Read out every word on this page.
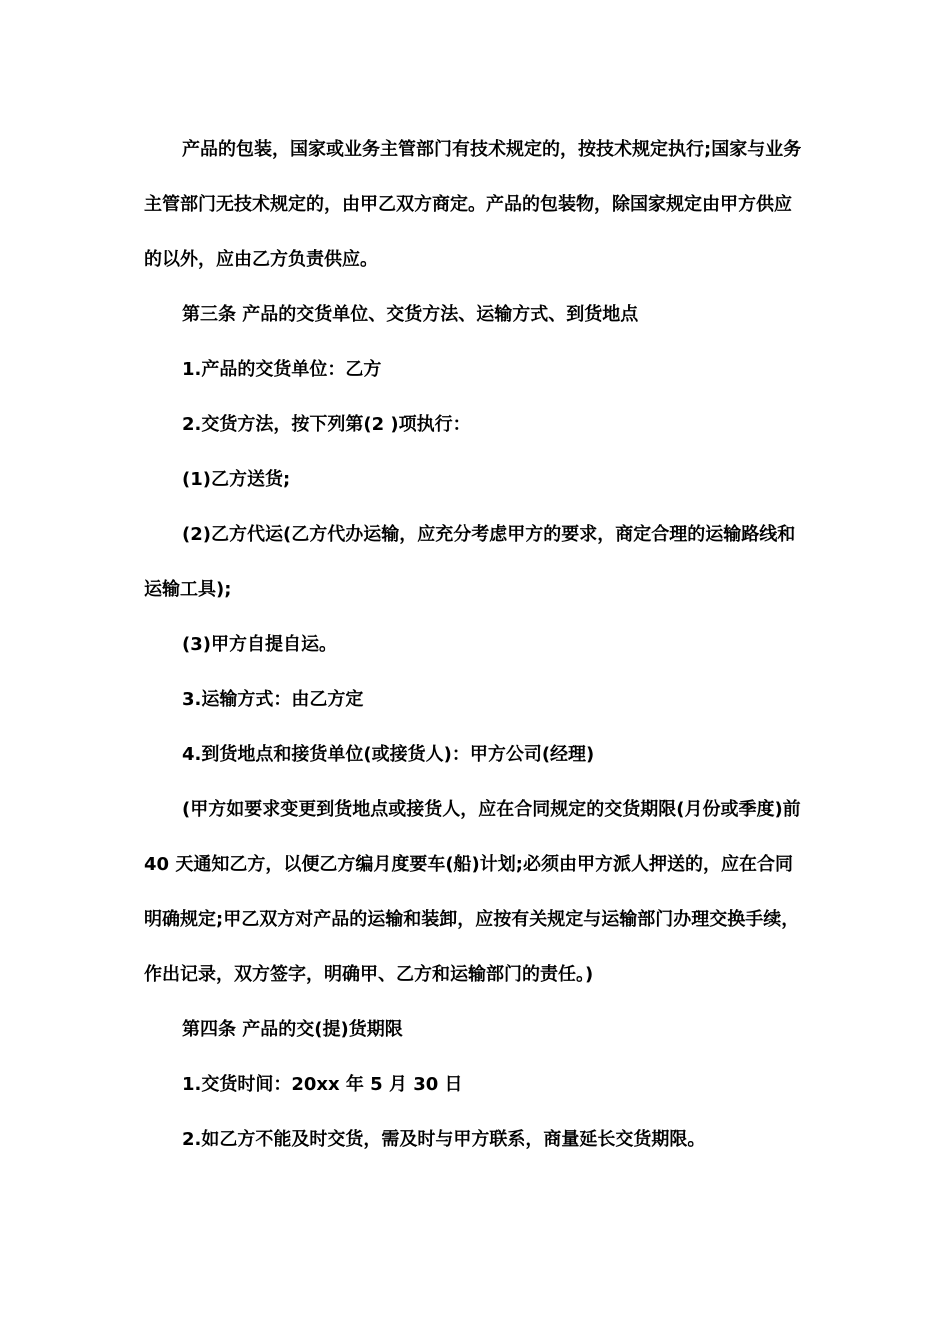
产品的包装，国家或业务主管部门有技术规定的，按技术规定执行;国家与业务主管部门无技术规定的，由甲乙双方商定。产品的包装物，除国家规定由甲方供应的以外，应由乙方负责供应。

第三条 产品的交货单位、交货方法、运输方式、到货地点

1.产品的交货单位：乙方

2.交货方法，按下列第(2 )项执行：

(1)乙方送货;

(2)乙方代运(乙方代办运输，应充分考虑甲方的要求，商定合理的运输路线和运输工具);

(3)甲方自提自运。

3.运输方式：由乙方定

4.到货地点和接货单位(或接货人)：甲方公司(经理)

(甲方如要求变更到货地点或接货人，应在合同规定的交货期限(月份或季度)前 40 天通知乙方，以便乙方编月度要车(船)计划;必须由甲方派人押送的，应在合同明确规定;甲乙双方对产品的运输和装卸，应按有关规定与运输部门办理交换手续，作出记录，双方签字，明确甲、乙方和运输部门的责任。)

第四条 产品的交(提)货期限

1.交货时间：20xx 年 5 月 30 日

2.如乙方不能及时交货，需及时与甲方联系，商量延长交货期限。
